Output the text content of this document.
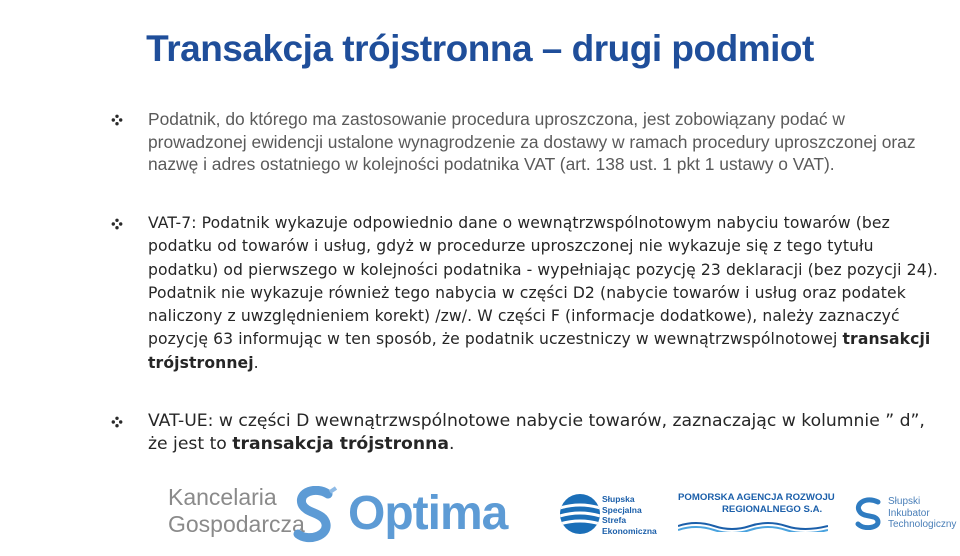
Transakcja trójstronna – drugi podmiot
Podatnik, do którego ma zastosowanie procedura uproszczona, jest zobowiązany podać w prowadzonej ewidencji ustalone wynagrodzenie za dostawy w ramach procedury uproszczonej oraz nazwę i adres ostatniego w kolejności podatnika VAT (art. 138 ust. 1 pkt 1 ustawy o VAT).
VAT-7: Podatnik wykazuje odpowiednio dane o wewnątrzwspólnotowym nabyciu towarów (bez podatku od towarów i usług, gdyż w procedurze uproszczonej nie wykazuje się z tego tytułu podatku) od pierwszego w kolejności podatnika - wypełniając pozycję 23 deklaracji (bez pozycji 24). Podatnik nie wykazuje również tego nabycia w części D2 (nabycie towarów i usług oraz podatek naliczony z uwzględnieniem korekt) /zw/. W części F (informacje dodatkowe), należy zaznaczyć pozycję 63 informując w ten sposób, że podatnik uczestniczy w wewnątrzwspólnotowej transakcji trójstronnej.
VAT-UE: w części D wewnątrzwspólnotowe nabycie towarów, zaznaczając w kolumnie ” d”, że jest to transakcja trójstronna.
Kancelaria
Gospodarcza Optima	Słupska
Specjalna
Strefa
Ekonomiczna
POMORSKA AGENCJA ROZWOJU
REGIONALNEGO S.A.
Słupski
Inkubator
Technologiczny
